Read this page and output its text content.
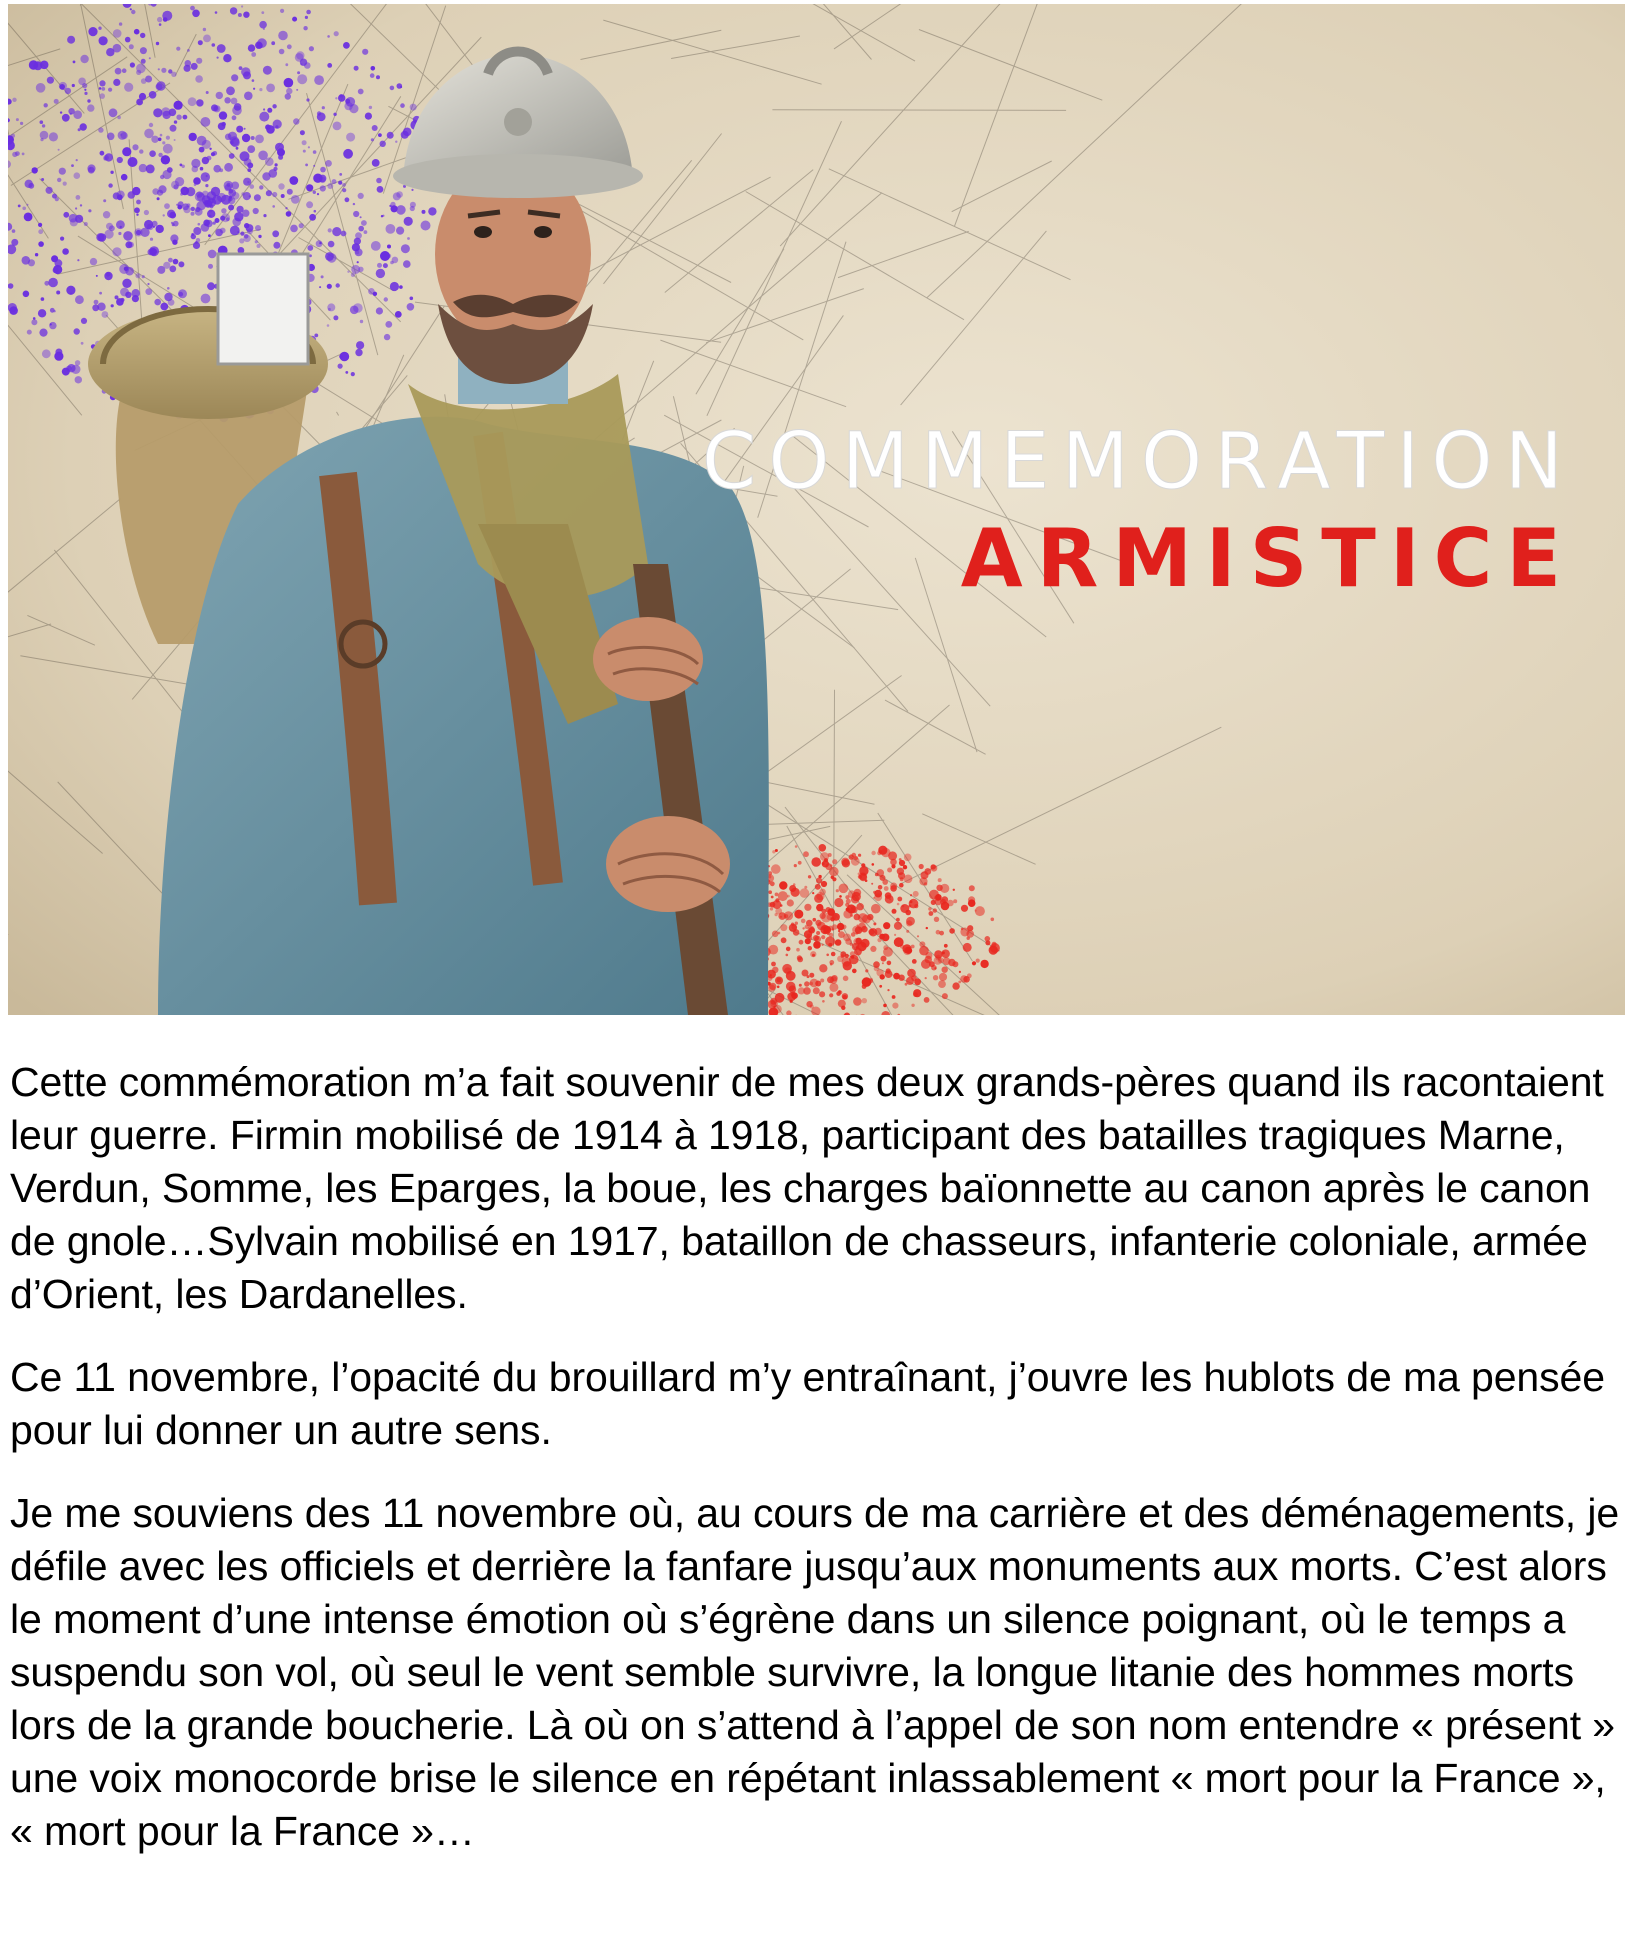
COMMEMORATION
ARMISTICE

Cette commémoration m’a fait souvenir de mes deux grands-pères quand ils racontaient leur guerre. Firmin mobilisé de 1914 à 1918, participant des batailles tragiques Marne, Verdun, Somme, les Eparges, la boue, les charges baïonnette au canon après le canon de gnole…Sylvain mobilisé en 1917, bataillon de chasseurs, infanterie coloniale, armée d’Orient, les Dardanelles.

Ce 11 novembre, l’opacité du brouillard m’y entraînant, j’ouvre les hublots de ma pensée pour lui donner un autre sens.

Je me souviens des 11 novembre où, au cours de ma carrière et des déménagements, je défile avec les officiels et derrière la fanfare jusqu’aux monuments aux morts. C’est alors le moment d’une intense émotion où s’égrène dans un silence poignant, où le temps a suspendu son vol, où seul le vent semble survivre, la longue litanie des hommes morts lors de la grande boucherie. Là où on s’attend à l’appel de son nom entendre « présent » une voix monocorde brise le silence en répétant inlassablement « mort pour la France », « mort pour la France »…
